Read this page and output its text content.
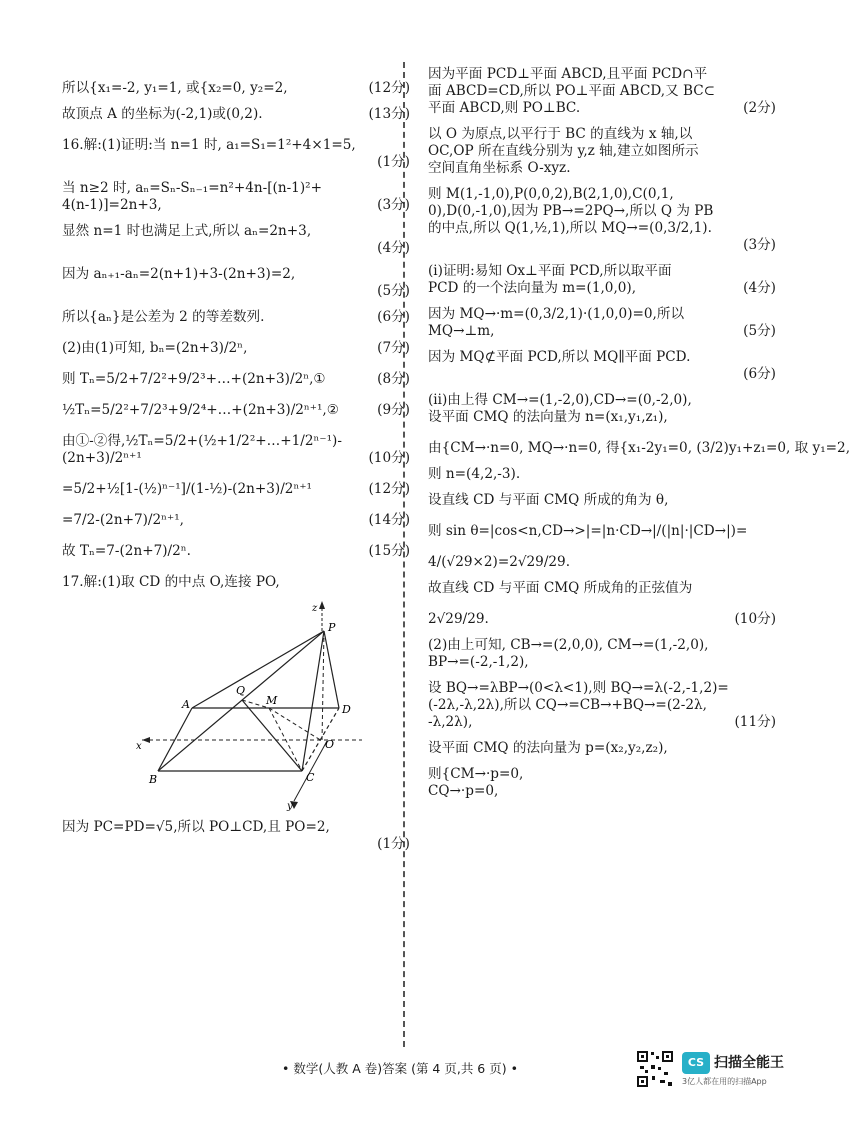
所以{x₁=-2, y₁=1, 或{x₂=0, y₂=2,	(12分)
故顶点 A 的坐标为(-2,1)或(0,2).	(13分)
16.解:(1)证明:当 n=1 时, a₁=S₁=1²+4×1=5,
(1分)
当 n≥2 时, aₙ=Sₙ-Sₙ₋₁=n²+4n-[(n-1)²+
4(n-1)]=2n+3,	(3分)
显然 n=1 时也满足上式,所以 aₙ=2n+3,
(4分)
因为 aₙ₊₁-aₙ=2(n+1)+3-(2n+3)=2,
(5分)
所以{aₙ}是公差为 2 的等差数列.	(6分)
(2)由(1)可知, bₙ=(2n+3)/2ⁿ,	(7分)
则 Tₙ=5/2+7/2²+9/2³+…+(2n+3)/2ⁿ,①	(8分)
½Tₙ=5/2²+7/2³+9/2⁴+…+(2n+3)/2ⁿ⁺¹,②	(9分)
由①-②得,½Tₙ=5/2+(½+1/2²+…+1/2ⁿ⁻¹)-
(2n+3)/2ⁿ⁺¹	(10分)
=5/2+½[1-(½)ⁿ⁻¹]/(1-½)-(2n+3)/2ⁿ⁺¹	(12分)
=7/2-(2n+7)/2ⁿ⁺¹,	(14分)
故 Tₙ=7-(2n+7)/2ⁿ.	(15分)
17.解:(1)取 CD 的中点 O,连接 PO,
z
P
Q
M
A	D
x	O
B	C
y
因为 PC=PD=√5,所以 PO⊥CD,且 PO=2,
(1分)
因为平面 PCD⊥平面 ABCD,且平面 PCD∩平
面 ABCD=CD,所以 PO⊥平面 ABCD,又 BC⊂
平面 ABCD,则 PO⊥BC.	(2分)
以 O 为原点,以平行于 BC 的直线为 x 轴,以
OC,OP 所在直线分别为 y,z 轴,建立如图所示
空间直角坐标系 O-xyz.
则 M(1,-1,0),P(0,0,2),B(2,1,0),C(0,1,
0),D(0,-1,0),因为 PB→=2PQ→,所以 Q 为 PB
的中点,所以 Q(1,½,1),所以 MQ→=(0,3/2,1).
(3分)
(ⅰ)证明:易知 Ox⊥平面 PCD,所以取平面
PCD 的一个法向量为 m=(1,0,0),	(4分)
因为 MQ→·m=(0,3/2,1)·(1,0,0)=0,所以
MQ→⊥m,	(5分)
因为 MQ⊄平面 PCD,所以 MQ∥平面 PCD.
(6分)
(ⅱ)由上得 CM→=(1,-2,0),CD→=(0,-2,0),
设平面 CMQ 的法向量为 n=(x₁,y₁,z₁),
由{CM→·n=0, MQ→·n=0, 得{x₁-2y₁=0, (3/2)y₁+z₁=0, 取 y₁=2,
则 n=(4,2,-3).
设直线 CD 与平面 CMQ 所成的角为 θ,
则 sin θ=|cos<n,CD→>|=|n·CD→|/(|n|·|CD→|)=
4/(√29×2)=2√29/29.
故直线 CD 与平面 CMQ 所成角的正弦值为
2√29/29.	(10分)
(2)由上可知, CB→=(2,0,0), CM→=(1,-2,0),
BP→=(-2,-1,2),
设 BQ→=λBP→(0<λ<1),则 BQ→=λ(-2,-1,2)=
(-2λ,-λ,2λ),所以 CQ→=CB→+BQ→=(2-2λ,
-λ,2λ),	(11分)
设平面 CMQ 的法向量为 p=(x₂,y₂,z₂),
则{CM→·p=0,
CQ→·p=0,
• 数学(人教 A 卷)答案 (第 4 页,共 6 页) •	CS 扫描全能王
3亿人都在用的扫描App
